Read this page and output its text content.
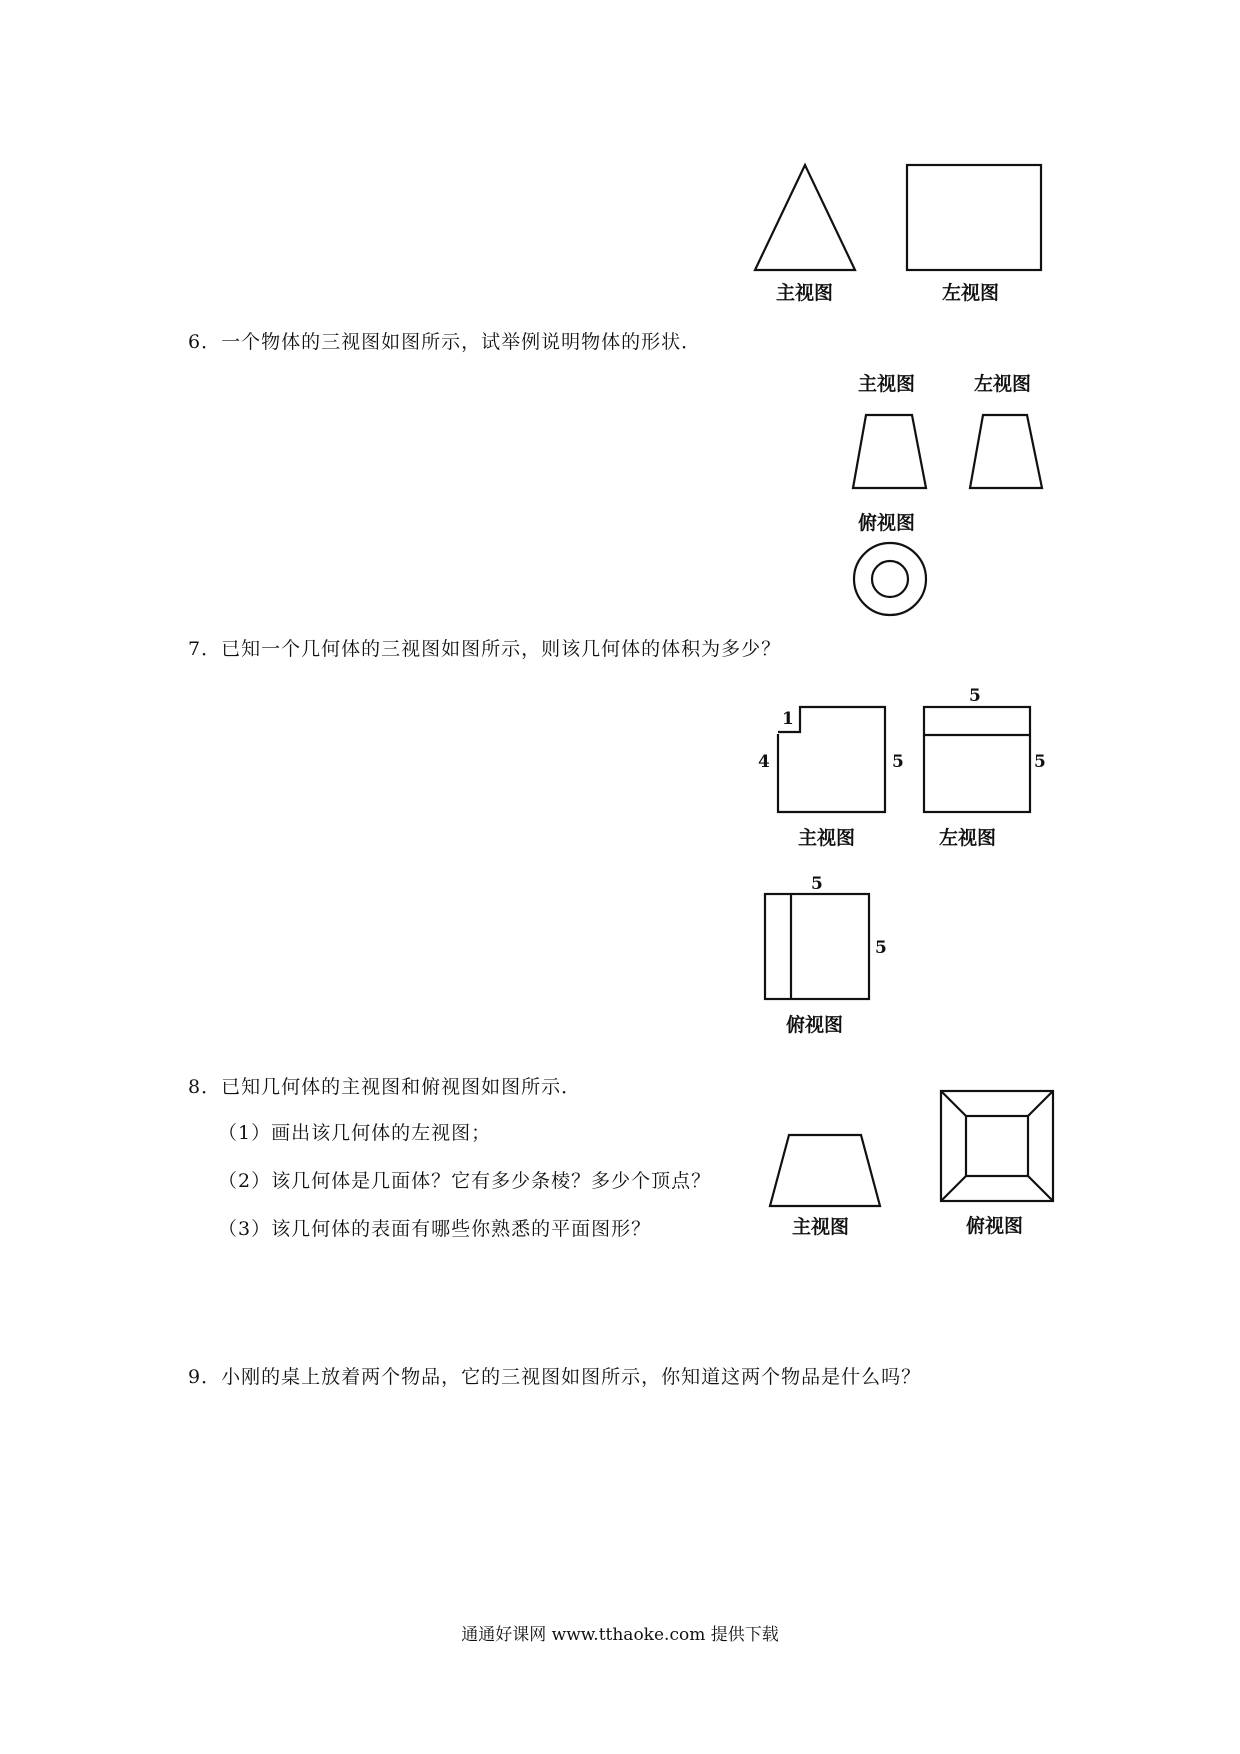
主视图	左视图
6．一个物体的三视图如图所示，试举例说明物体的形状．
主视图	左视图
俯视图
7．已知一个几何体的三视图如图所示，则该几何体的体积为多少？
1
4	5
主视图
5
5
左视图
5
5
俯视图
8．已知几何体的主视图和俯视图如图所示．
（1）画出该几何体的左视图；
（2）该几何体是几面体？它有多少条棱？多少个顶点？
（3）该几何体的表面有哪些你熟悉的平面图形？	主视图	俯视图
9．小刚的桌上放着两个物品，它的三视图如图所示，你知道这两个物品是什么吗？
通通好课网 www.tthaoke.com 提供下载
